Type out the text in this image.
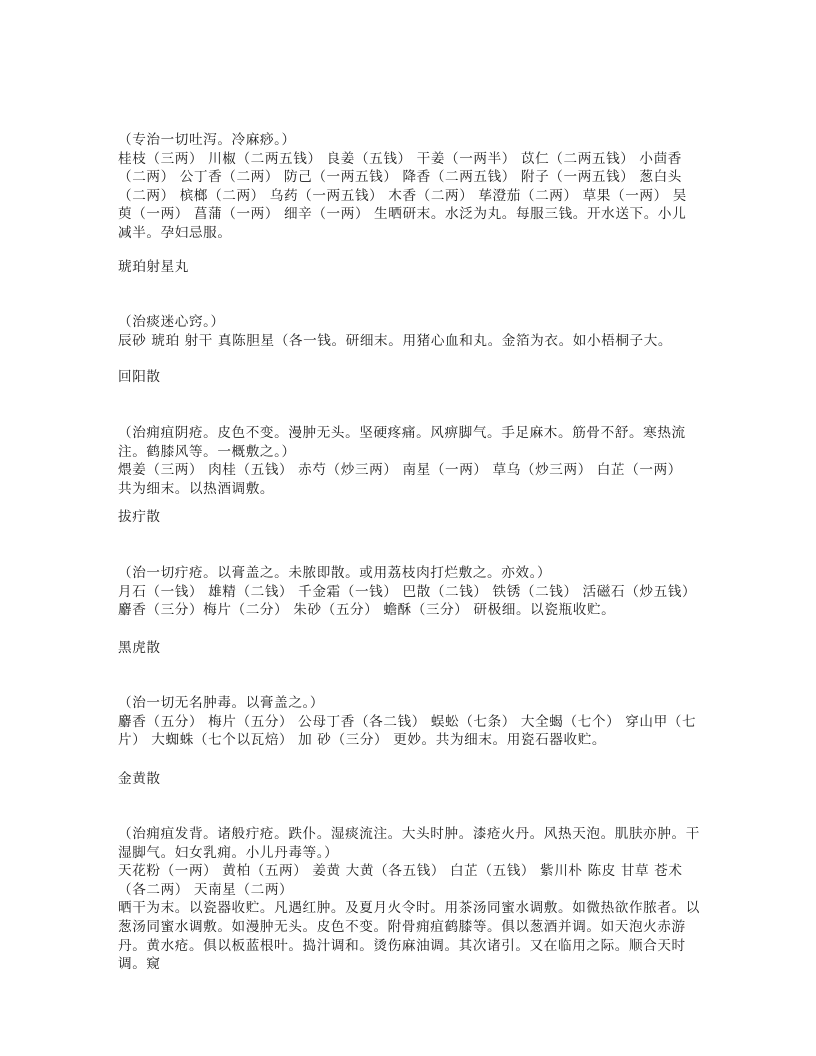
（专治一切吐泻。冷麻痧。）

桂枝（三两） 川椒（二两五钱） 良姜（五钱） 干姜（一两半） 苡仁（二两五钱） 小茴香（二两） 公丁香（二两） 防己（一两五钱） 降香（二两五钱） 附子（一两五钱） 葱白头（二两） 槟榔（二两） 乌药（一两五钱） 木香（二两） 荜澄茄（二两） 草果（一两） 吴萸（一两） 菖蒲（一两） 细辛（一两） 生晒研末。水泛为丸。每服三钱。开水送下。小儿减半。孕妇忌服。

琥珀射星丸

（治痰迷心窍。）

辰砂 琥珀 射干 真陈胆星（各一钱。研细末。用猪心血和丸。金箔为衣。如小梧桐子大。

回阳散

（治痈疽阴疮。皮色不变。漫肿无头。坚硬疼痛。风痹脚气。手足麻木。筋骨不舒。寒热流注。鹤膝风等。一概敷之。）

煨姜（三两） 肉桂（五钱） 赤芍（炒三两） 南星（一两） 草乌（炒三两） 白芷（一两） 共为细末。以热酒调敷。

拔疔散

（治一切疔疮。以膏盖之。未脓即散。或用荔枝肉打烂敷之。亦效。）

月石（一钱） 雄精（二钱） 千金霜（一钱） 巴散（二钱） 铁锈（二钱） 活磁石（炒五钱） 麝香（三分）梅片（二分） 朱砂（五分） 蟾酥（三分） 研极细。以瓷瓶收贮。

黑虎散

（治一切无名肿毒。以膏盖之。）

麝香（五分） 梅片（五分） 公母丁香（各二钱） 蜈蚣（七条） 大全蝎（七个） 穿山甲（七片） 大蜘蛛（七个以瓦焙） 加 砂（三分） 更妙。共为细末。用瓷石器收贮。

金黄散

（治痈疽发背。诸般疔疮。跌仆。湿痰流注。大头时肿。漆疮火丹。风热天泡。肌肤亦肿。干湿脚气。妇女乳痈。小儿丹毒等。）

天花粉（一两） 黄柏（五两） 姜黄 大黄（各五钱） 白芷（五钱） 紫川朴 陈皮 甘草 苍术（各二两） 天南星（二两）

晒干为末。以瓷器收贮。凡遇红肿。及夏月火令时。用茶汤同蜜水调敷。如微热欲作脓者。以葱汤同蜜水调敷。如漫肿无头。皮色不变。附骨痈疽鹤膝等。俱以葱酒并调。如天泡火赤游丹。黄水疮。俱以板蓝根叶。捣汁调和。烫伤麻油调。其次诸引。又在临用之际。顺合天时调。窥
